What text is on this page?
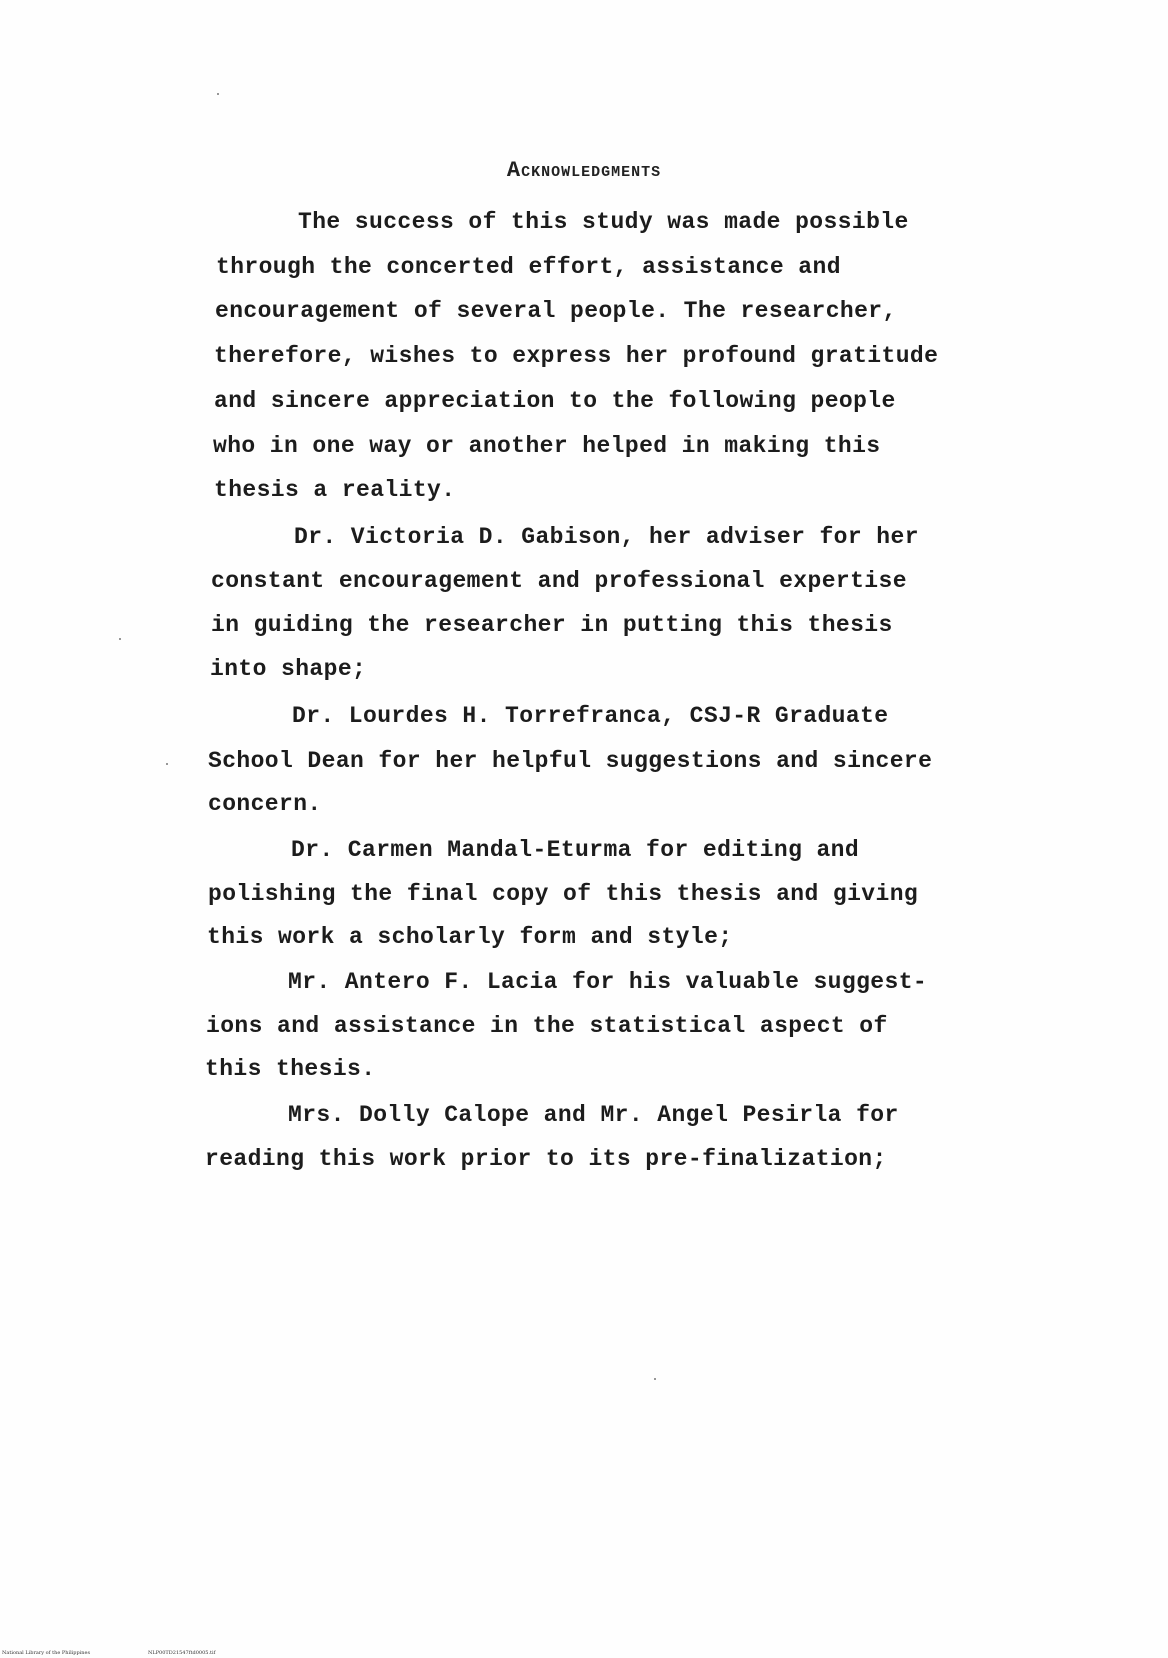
Acknowledgments
The success of this study was made possible
through the concerted effort, assistance and
encouragement of several people. The researcher,
therefore, wishes to express her profound gratitude
and sincere appreciation to the following people
who in one way or another helped in making this
thesis a reality.
Dr. Victoria D. Gabison, her adviser for her
constant encouragement and professional expertise
in guiding the researcher in putting this thesis
into shape;
Dr. Lourdes H. Torrefranca, CSJ-R Graduate
School Dean for her helpful suggestions and sincere
concern.
Dr. Carmen Mandal-Eturma for editing and
polishing the final copy of this thesis and giving
this work a scholarly form and style;
Mr. Antero F. Lacia for his valuable suggest-
ions and assistance in the statistical aspect of
this thesis.
Mrs. Dolly Calope and Mr. Angel Pesirla for
reading this work prior to its pre-finalization;
National Library of the Philippines	NLP00TD21547ftd0005.tif
